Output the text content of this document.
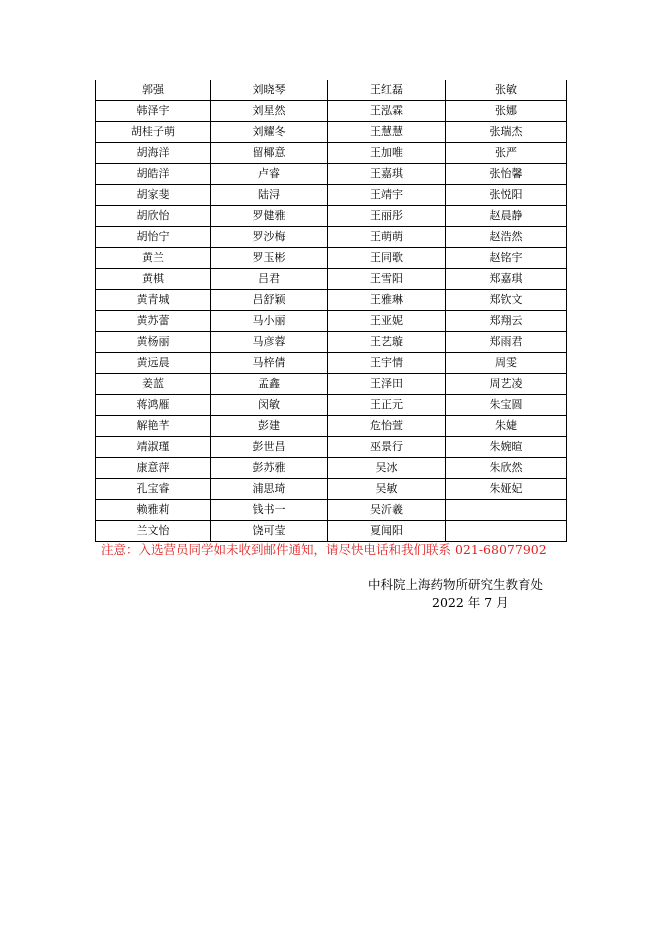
郭强	刘晓琴	王红磊	张敏
韩泽宇	刘星然	王泓霖	张娜
胡桂子萌	刘耀冬	王慧慧	张瑞杰
胡海洋	留椰意	王加唯	张严
胡皓洋	卢睿	王嘉琪	张怡馨
胡家斐	陆浔	王靖宇	张悦阳
胡欣怡	罗健雅	王丽彤	赵晨静
胡怡宁	罗沙梅	王萌萌	赵浩然
黄兰	罗玉彬	王同歌	赵铭宇
黄棋	吕君	王雪阳	郑嘉琪
黄青城	吕舒颖	王雅琳	郑钦文
黄苏蕾	马小丽	王亚妮	郑翔云
黄杨丽	马彦蓉	王艺璇	郑雨君
黄远晨	马梓倩	王宇情	周雯
姜蓝	孟鑫	王泽田	周艺凌
蒋鸿雁	闵敏	王正元	朱宝圆
解艳芊	彭建	危怡萱	朱婕
靖淑瑾	彭世昌	巫景行	朱婉暄
康意萍	彭苏雅	吴冰	朱欣然
孔宝睿	浦思琦	吴敏	朱娅妃
赖雅莉	钱书一	吴沂羲	
兰文怡	饶可莹	夏闻阳	
注意：入选营员同学如未收到邮件通知，请尽快电话和我们联系 021-68077902
中科院上海药物所研究生教育处
2022 年 7 月
